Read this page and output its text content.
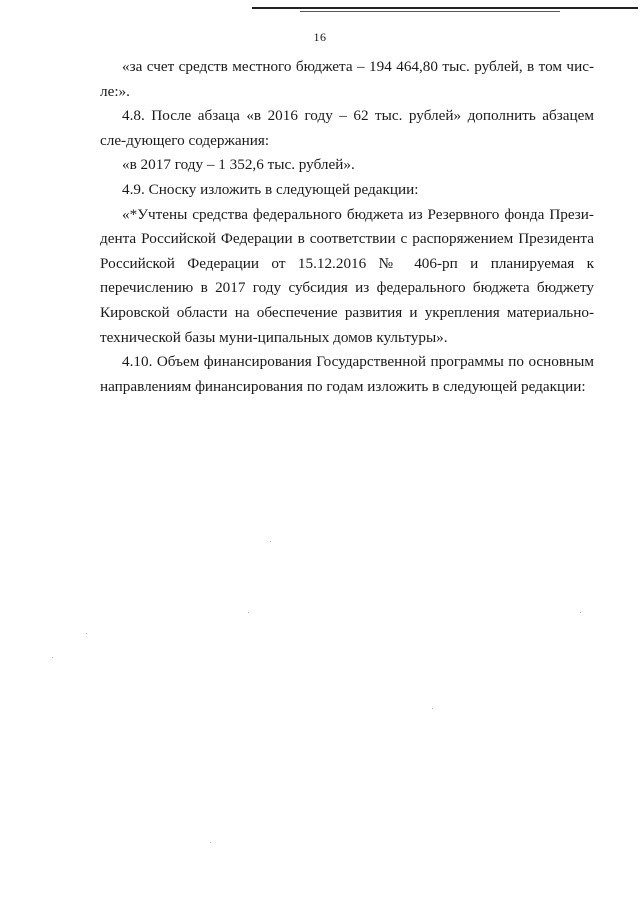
16

«за счет средств местного бюджета – 194 464,80 тыс. рублей, в том чис-ле:».

4.8. После абзаца «в 2016 году – 62 тыс. рублей» дополнить абзацем сле-дующего содержания:

«в 2017 году – 1 352,6 тыс. рублей».

4.9. Сноску изложить в следующей редакции:

«*Учтены средства федерального бюджета из Резервного фонда Прези-дента Российской Федерации в соответствии с распоряжением Президента Российской Федерации от 15.12.2016 № 406-рп и планируемая к перечислению в 2017 году субсидия из федерального бюджета бюджету Кировской области на обеспечение развития и укрепления материально-технической базы муни-ципальных домов культуры».

4.10. Объем финансирования Государственной программы по основным направлениям финансирования по годам изложить в следующей редакции:
